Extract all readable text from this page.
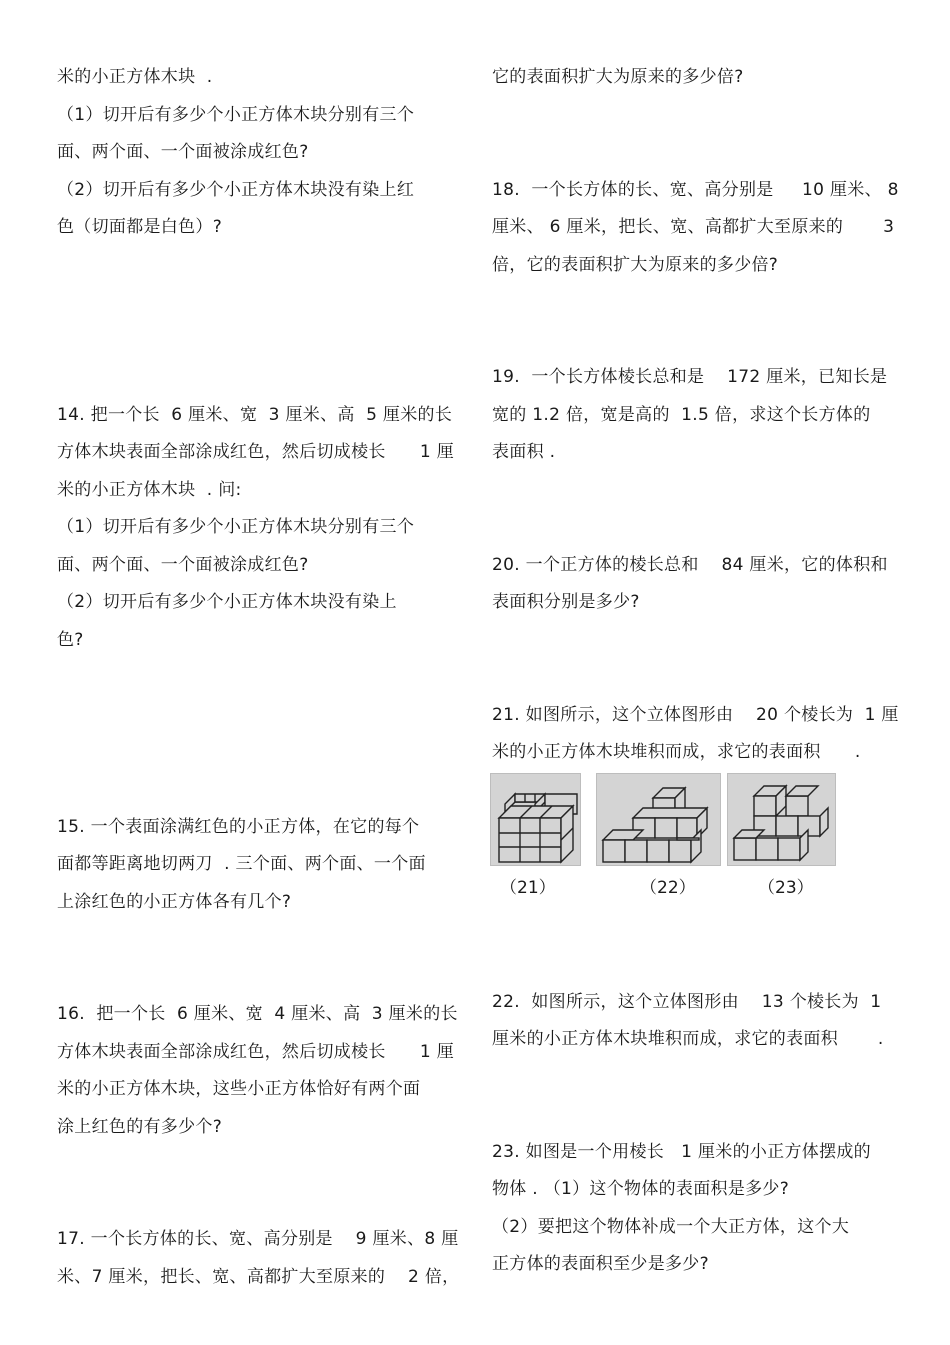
米的小正方体木块  .
（1）切开后有多少个小正方体木块分别有三个
面、两个面、一个面被涂成红色?
（2）切开后有多少个小正方体木块没有染上红
色（切面都是白色）?
14. 把一个长  6 厘米、宽  3 厘米、高  5 厘米的长
方体木块表面全部涂成红色，然后切成棱长      1 厘
米的小正方体木块  . 问:
（1）切开后有多少个小正方体木块分别有三个
面、两个面、一个面被涂成红色?
（2）切开后有多少个小正方体木块没有染上
色?
15. 一个表面涂满红色的小正方体，在它的每个
面都等距离地切两刀  . 三个面、两个面、一个面
上涂红色的小正方体各有几个?
16.  把一个长  6 厘米、宽  4 厘米、高  3 厘米的长
方体木块表面全部涂成红色，然后切成棱长      1 厘
米的小正方体木块，这些小正方体恰好有两个面
涂上红色的有多少个?
17. 一个长方体的长、宽、高分别是    9 厘米、8 厘
米、7 厘米，把长、宽、高都扩大至原来的    2 倍，
它的表面积扩大为原来的多少倍?
18.  一个长方体的长、宽、高分别是     10 厘米、 8
厘米、 6 厘米，把长、宽、高都扩大至原来的       3
倍，它的表面积扩大为原来的多少倍?
19.  一个长方体棱长总和是    172 厘米，已知长是
宽的 1.2 倍，宽是高的  1.5 倍，求这个长方体的
表面积 .
20. 一个正方体的棱长总和    84 厘米，它的体积和
表面积分别是多少?
21. 如图所示，这个立体图形由    20 个棱长为  1 厘
米的小正方体木块堆积而成，求它的表面积      .
（21）	（22）	（23）
22.  如图所示，这个立体图形由    13 个棱长为  1
厘米的小正方体木块堆积而成，求它的表面积       .
23. 如图是一个用棱长   1 厘米的小正方体摆成的
物体 . （1）这个物体的表面积是多少?
（2）要把这个物体补成一个大正方体，这个大
正方体的表面积至少是多少?
